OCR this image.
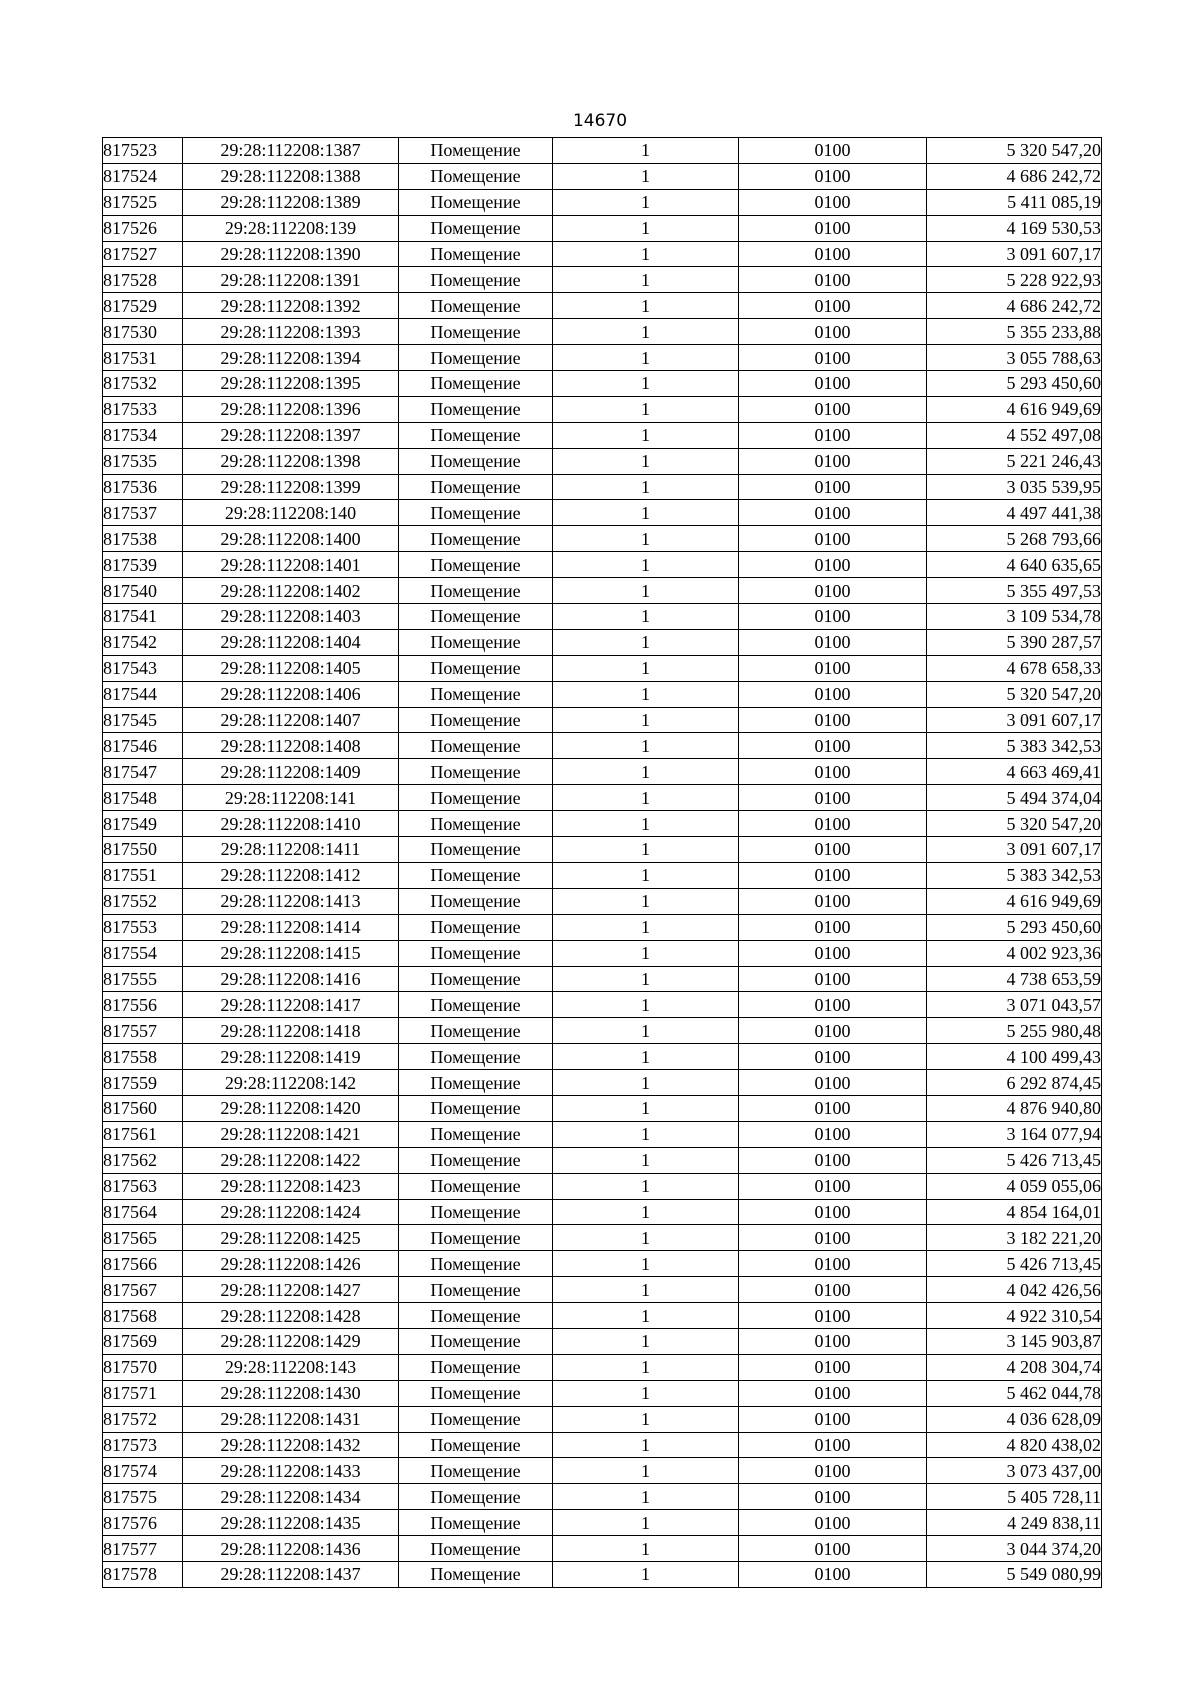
14670
817523	29:28:112208:1387	Помещение	1	0100	5 320 547,20
817524	29:28:112208:1388	Помещение	1	0100	4 686 242,72
817525	29:28:112208:1389	Помещение	1	0100	5 411 085,19
817526	29:28:112208:139	Помещение	1	0100	4 169 530,53
817527	29:28:112208:1390	Помещение	1	0100	3 091 607,17
817528	29:28:112208:1391	Помещение	1	0100	5 228 922,93
817529	29:28:112208:1392	Помещение	1	0100	4 686 242,72
817530	29:28:112208:1393	Помещение	1	0100	5 355 233,88
817531	29:28:112208:1394	Помещение	1	0100	3 055 788,63
817532	29:28:112208:1395	Помещение	1	0100	5 293 450,60
817533	29:28:112208:1396	Помещение	1	0100	4 616 949,69
817534	29:28:112208:1397	Помещение	1	0100	4 552 497,08
817535	29:28:112208:1398	Помещение	1	0100	5 221 246,43
817536	29:28:112208:1399	Помещение	1	0100	3 035 539,95
817537	29:28:112208:140	Помещение	1	0100	4 497 441,38
817538	29:28:112208:1400	Помещение	1	0100	5 268 793,66
817539	29:28:112208:1401	Помещение	1	0100	4 640 635,65
817540	29:28:112208:1402	Помещение	1	0100	5 355 497,53
817541	29:28:112208:1403	Помещение	1	0100	3 109 534,78
817542	29:28:112208:1404	Помещение	1	0100	5 390 287,57
817543	29:28:112208:1405	Помещение	1	0100	4 678 658,33
817544	29:28:112208:1406	Помещение	1	0100	5 320 547,20
817545	29:28:112208:1407	Помещение	1	0100	3 091 607,17
817546	29:28:112208:1408	Помещение	1	0100	5 383 342,53
817547	29:28:112208:1409	Помещение	1	0100	4 663 469,41
817548	29:28:112208:141	Помещение	1	0100	5 494 374,04
817549	29:28:112208:1410	Помещение	1	0100	5 320 547,20
817550	29:28:112208:1411	Помещение	1	0100	3 091 607,17
817551	29:28:112208:1412	Помещение	1	0100	5 383 342,53
817552	29:28:112208:1413	Помещение	1	0100	4 616 949,69
817553	29:28:112208:1414	Помещение	1	0100	5 293 450,60
817554	29:28:112208:1415	Помещение	1	0100	4 002 923,36
817555	29:28:112208:1416	Помещение	1	0100	4 738 653,59
817556	29:28:112208:1417	Помещение	1	0100	3 071 043,57
817557	29:28:112208:1418	Помещение	1	0100	5 255 980,48
817558	29:28:112208:1419	Помещение	1	0100	4 100 499,43
817559	29:28:112208:142	Помещение	1	0100	6 292 874,45
817560	29:28:112208:1420	Помещение	1	0100	4 876 940,80
817561	29:28:112208:1421	Помещение	1	0100	3 164 077,94
817562	29:28:112208:1422	Помещение	1	0100	5 426 713,45
817563	29:28:112208:1423	Помещение	1	0100	4 059 055,06
817564	29:28:112208:1424	Помещение	1	0100	4 854 164,01
817565	29:28:112208:1425	Помещение	1	0100	3 182 221,20
817566	29:28:112208:1426	Помещение	1	0100	5 426 713,45
817567	29:28:112208:1427	Помещение	1	0100	4 042 426,56
817568	29:28:112208:1428	Помещение	1	0100	4 922 310,54
817569	29:28:112208:1429	Помещение	1	0100	3 145 903,87
817570	29:28:112208:143	Помещение	1	0100	4 208 304,74
817571	29:28:112208:1430	Помещение	1	0100	5 462 044,78
817572	29:28:112208:1431	Помещение	1	0100	4 036 628,09
817573	29:28:112208:1432	Помещение	1	0100	4 820 438,02
817574	29:28:112208:1433	Помещение	1	0100	3 073 437,00
817575	29:28:112208:1434	Помещение	1	0100	5 405 728,11
817576	29:28:112208:1435	Помещение	1	0100	4 249 838,11
817577	29:28:112208:1436	Помещение	1	0100	3 044 374,20
817578	29:28:112208:1437	Помещение	1	0100	5 549 080,99
